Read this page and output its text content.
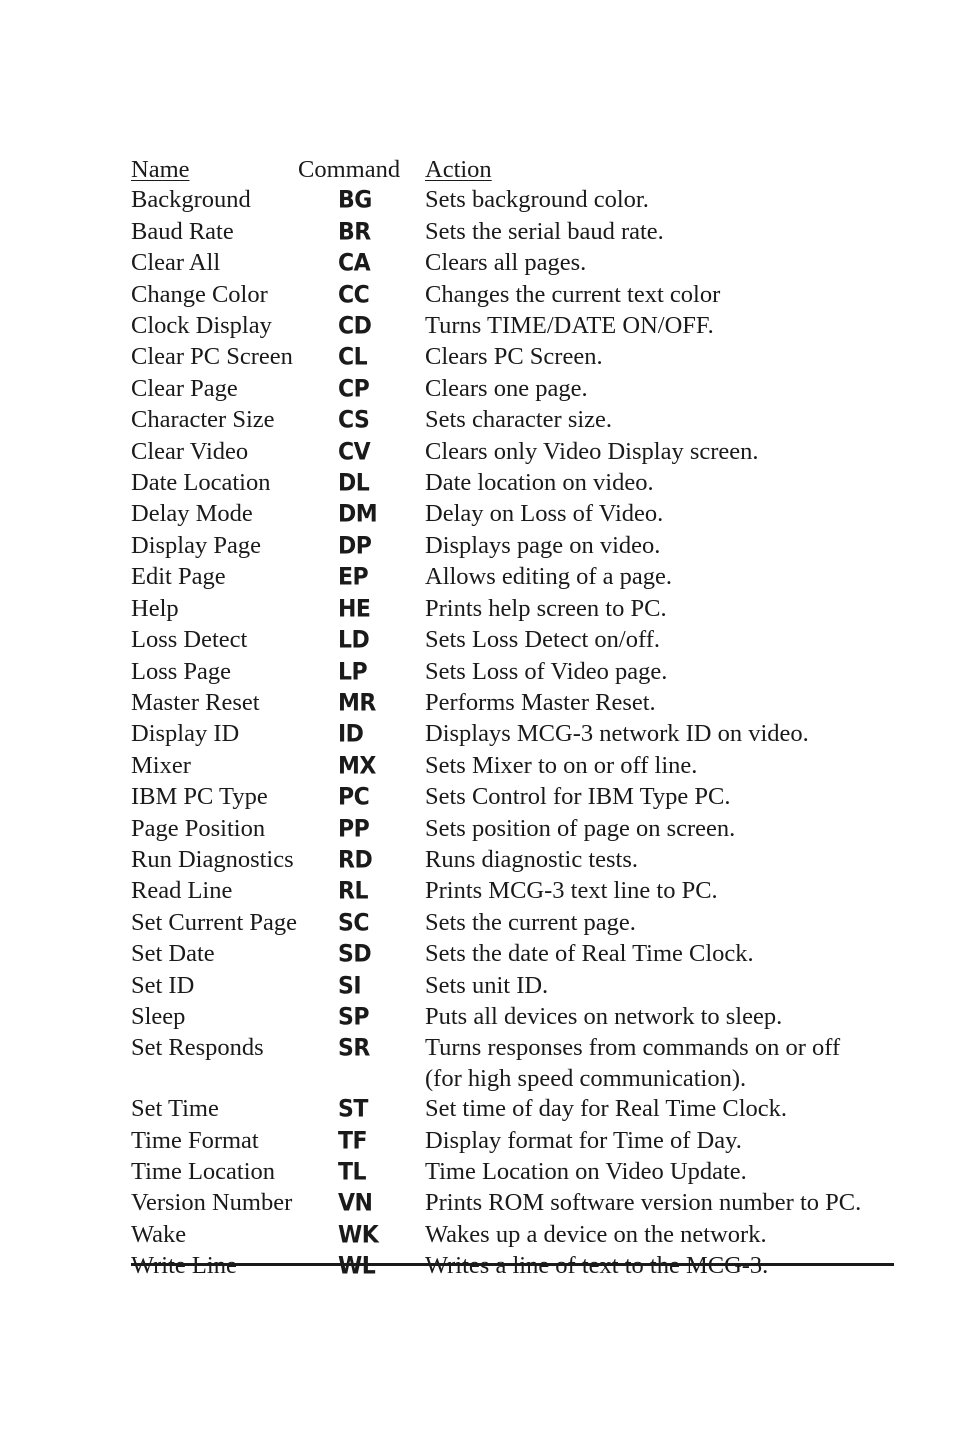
Name	Command	Action
Background	BG	Sets background color.
Baud Rate	BR	Sets the serial baud rate.
Clear All	CA	Clears all pages.
Change Color	CC	Changes the current text color
Clock Display	CD	Turns TIME/DATE ON/OFF.
Clear PC Screen	CL	Clears PC Screen.
Clear Page	CP	Clears one page.
Character Size	CS	Sets character size.
Clear Video	CV	Clears only Video Display screen.
Date Location	DL	Date location on video.
Delay Mode	DM	Delay on Loss of Video.
Display Page	DP	Displays page on video.
Edit Page	EP	Allows editing of a page.
Help	HE	Prints help screen to PC.
Loss Detect	LD	Sets Loss Detect on/off.
Loss Page	LP	Sets Loss of Video page.
Master Reset	MR	Performs Master Reset.
Display ID	ID	Displays MCG-3 network ID on video.
Mixer	MX	Sets Mixer to on or off line.
IBM PC Type	PC	Sets Control for IBM Type PC.
Page Position	PP	Sets position of page on screen.
Run Diagnostics	RD	Runs diagnostic tests.
Read Line	RL	Prints MCG-3 text line to PC.
Set Current Page	SC	Sets the current page.
Set Date	SD	Sets the date of Real Time Clock.
Set ID	SI	Sets unit ID.
Sleep	SP	Puts all devices on network to sleep.
Set Responds	SR	Turns responses from commands on or off
(for high speed communication).
Set Time	ST	Set time of day for Real Time Clock.
Time Format	TF	Display format for Time of Day.
Time Location	TL	Time Location on Video Update.
Version Number	VN	Prints ROM software version number to PC.
Wake	WK	Wakes up a device on the network.
Write Line	WL	Writes a line of text to the MCG-3.
